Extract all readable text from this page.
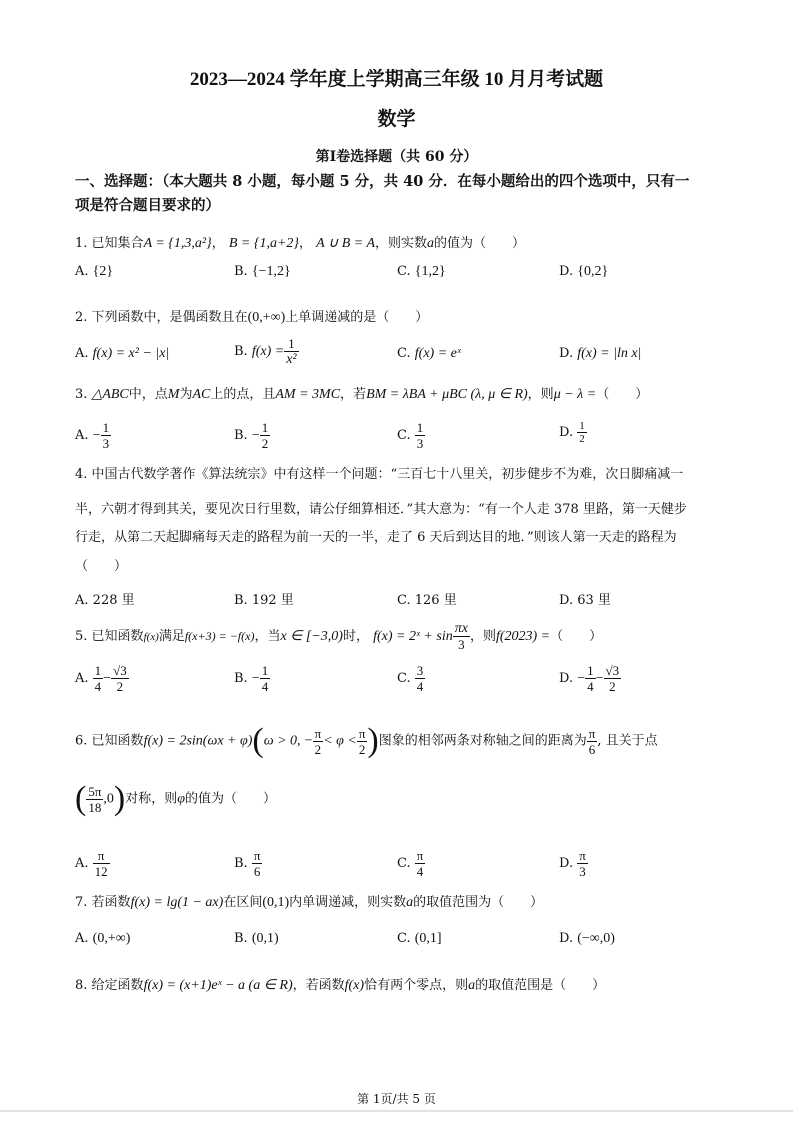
2023—2024 学年度上学期高三年级 10 月月考试题
数学
第Ⅰ卷选择题（共 60 分）
一、选择题：（本大题共 8 小题，每小题 5 分，共 40 分．在每小题给出的四个选项中，只有一
项是符合题目要求的）
1. 已知集合A = {1,3,a²}， B = {1,a+2}， A ∪ B = A，则实数a的值为（　　）
A. {2}	B. {−1,2}	C. {1,2}	D. {0,2}
2. 下列函数中，是偶函数且在(0,+∞)上单调递减的是（　　）
A. f(x) = x² − |x|	B. $f(x) = \frac{1}{\text{x²}}$	C. f(x) = eˣ	D. f(x) = |ln x|
3. △ABC中，点M为AC上的点，且AM = 3MC，若BM = λBA + μBC (λ, μ ∈ R)，则μ − λ =（　　）
A. − $\frac{1}{3}$	B. − $\frac{1}{2}$	C. $\frac{1}{3}$	D. $\frac{1}{2}$
4. 中国古代数学著作《算法统宗》中有这样一个问题：“三百七十八里关，初步健步不为难，次日脚痛减一
半，六朝才得到其关，要见次日行里数，请公仔细算相还．”其大意为：“有一个人走 378 里路，第一天健步
行走，从第二天起脚痛每天走的路程为前一天的一半，走了 6 天后到达目的地．”则该人第一天走的路程为
（　　）
A. 228 里	B. 192 里	C. 126 里	D. 63 里
5. 已知函数f(x)满足f(x+3) = −f(x)，当x ∈ [−3,0)时， f(x) = 2ˣ + $\sin \frac{\pi x}{3}$ ，则f(2023) =（　　）
A. $\frac{1}{4} - \frac{√3}{2}$	B. − $\frac{1}{4}$	C. $\frac{3}{4}$	D. − $\frac{1}{4} - \frac{√3}{2}$
6. 已知函数f(x) = 2sin(ωx + φ)(ω > 0, − $\frac{\pi}{2} < \varphi < \frac{\pi}{2}$ )图象的相邻两条对称轴之间的距离为 $\frac{\pi}{6}$ , 且关于点
( $\frac{5\pi}{18} ,0$)对称，则φ的值为（　　）
A. $\frac{\pi}{12}$	B. $\frac{\pi}{6}$	C. $\frac{\pi}{4}$	D. $\frac{\pi}{3}$
7. 若函数f(x) = lg(1 − ax)在区间(0,1)内单调递减，则实数a的取值范围为（　　）
A. (0,+∞)	B. (0,1)	C. (0,1]	D. (−∞,0)
8. 给定函数f(x) = (x+1)eˣ − a (a ∈ R)，若函数f(x)恰有两个零点，则a的取值范围是（　　）
第 1页/共 5 页
